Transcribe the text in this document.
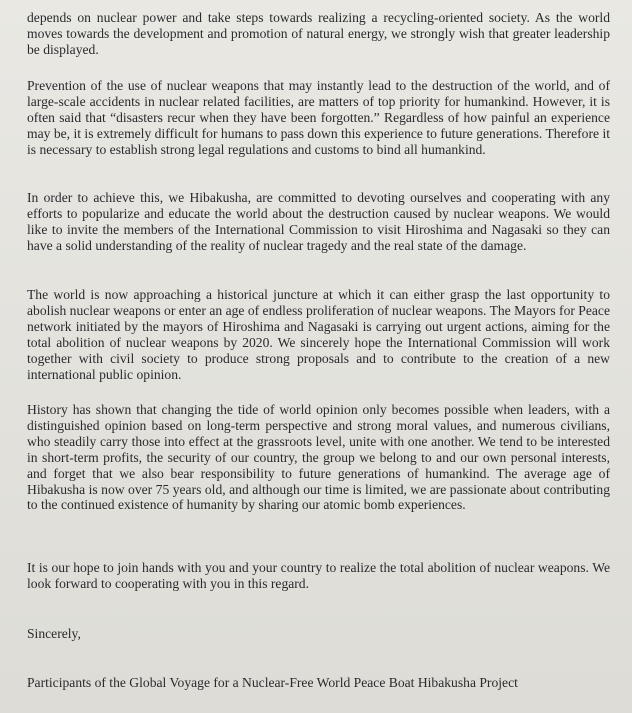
depends on nuclear power and take steps towards realizing a recycling-oriented society. As the world moves towards the development and promotion of natural energy, we strongly wish that greater leadership be displayed.

Prevention of the use of nuclear weapons that may instantly lead to the destruction of the world, and of large-scale accidents in nuclear related facilities, are matters of top priority for humankind. However, it is often said that “disasters recur when they have been forgotten.” Regardless of how painful an experience may be, it is extremely difficult for humans to pass down this experience to future generations. Therefore it is necessary to establish strong legal regulations and customs to bind all humankind.

In order to achieve this, we Hibakusha, are committed to devoting ourselves and cooperating with any efforts to popularize and educate the world about the destruction caused by nuclear weapons. We would like to invite the members of the International Commission to visit Hiroshima and Nagasaki so they can have a solid understanding of the reality of nuclear tragedy and the real state of the damage.

The world is now approaching a historical juncture at which it can either grasp the last opportunity to abolish nuclear weapons or enter an age of endless proliferation of nuclear weapons. The Mayors for Peace network initiated by the mayors of Hiroshima and Nagasaki is carrying out urgent actions, aiming for the total abolition of nuclear weapons by 2020. We sincerely hope the International Commission will work together with civil society to produce strong proposals and to contribute to the creation of a new international public opinion.

History has shown that changing the tide of world opinion only becomes possible when leaders, with a distinguished opinion based on long-term perspective and strong moral values, and numerous civilians, who steadily carry those into effect at the grassroots level, unite with one another. We tend to be interested in short-term profits, the security of our country, the group we belong to and our own personal interests, and forget that we also bear responsibility to future generations of humankind. The average age of Hibakusha is now over 75 years old, and although our time is limited, we are passionate about contributing to the continued existence of humanity by sharing our atomic bomb experiences.

It is our hope to join hands with you and your country to realize the total abolition of nuclear weapons. We look forward to cooperating with you in this regard.

Sincerely,

Participants of the Global Voyage for a Nuclear-Free World Peace Boat Hibakusha Project
